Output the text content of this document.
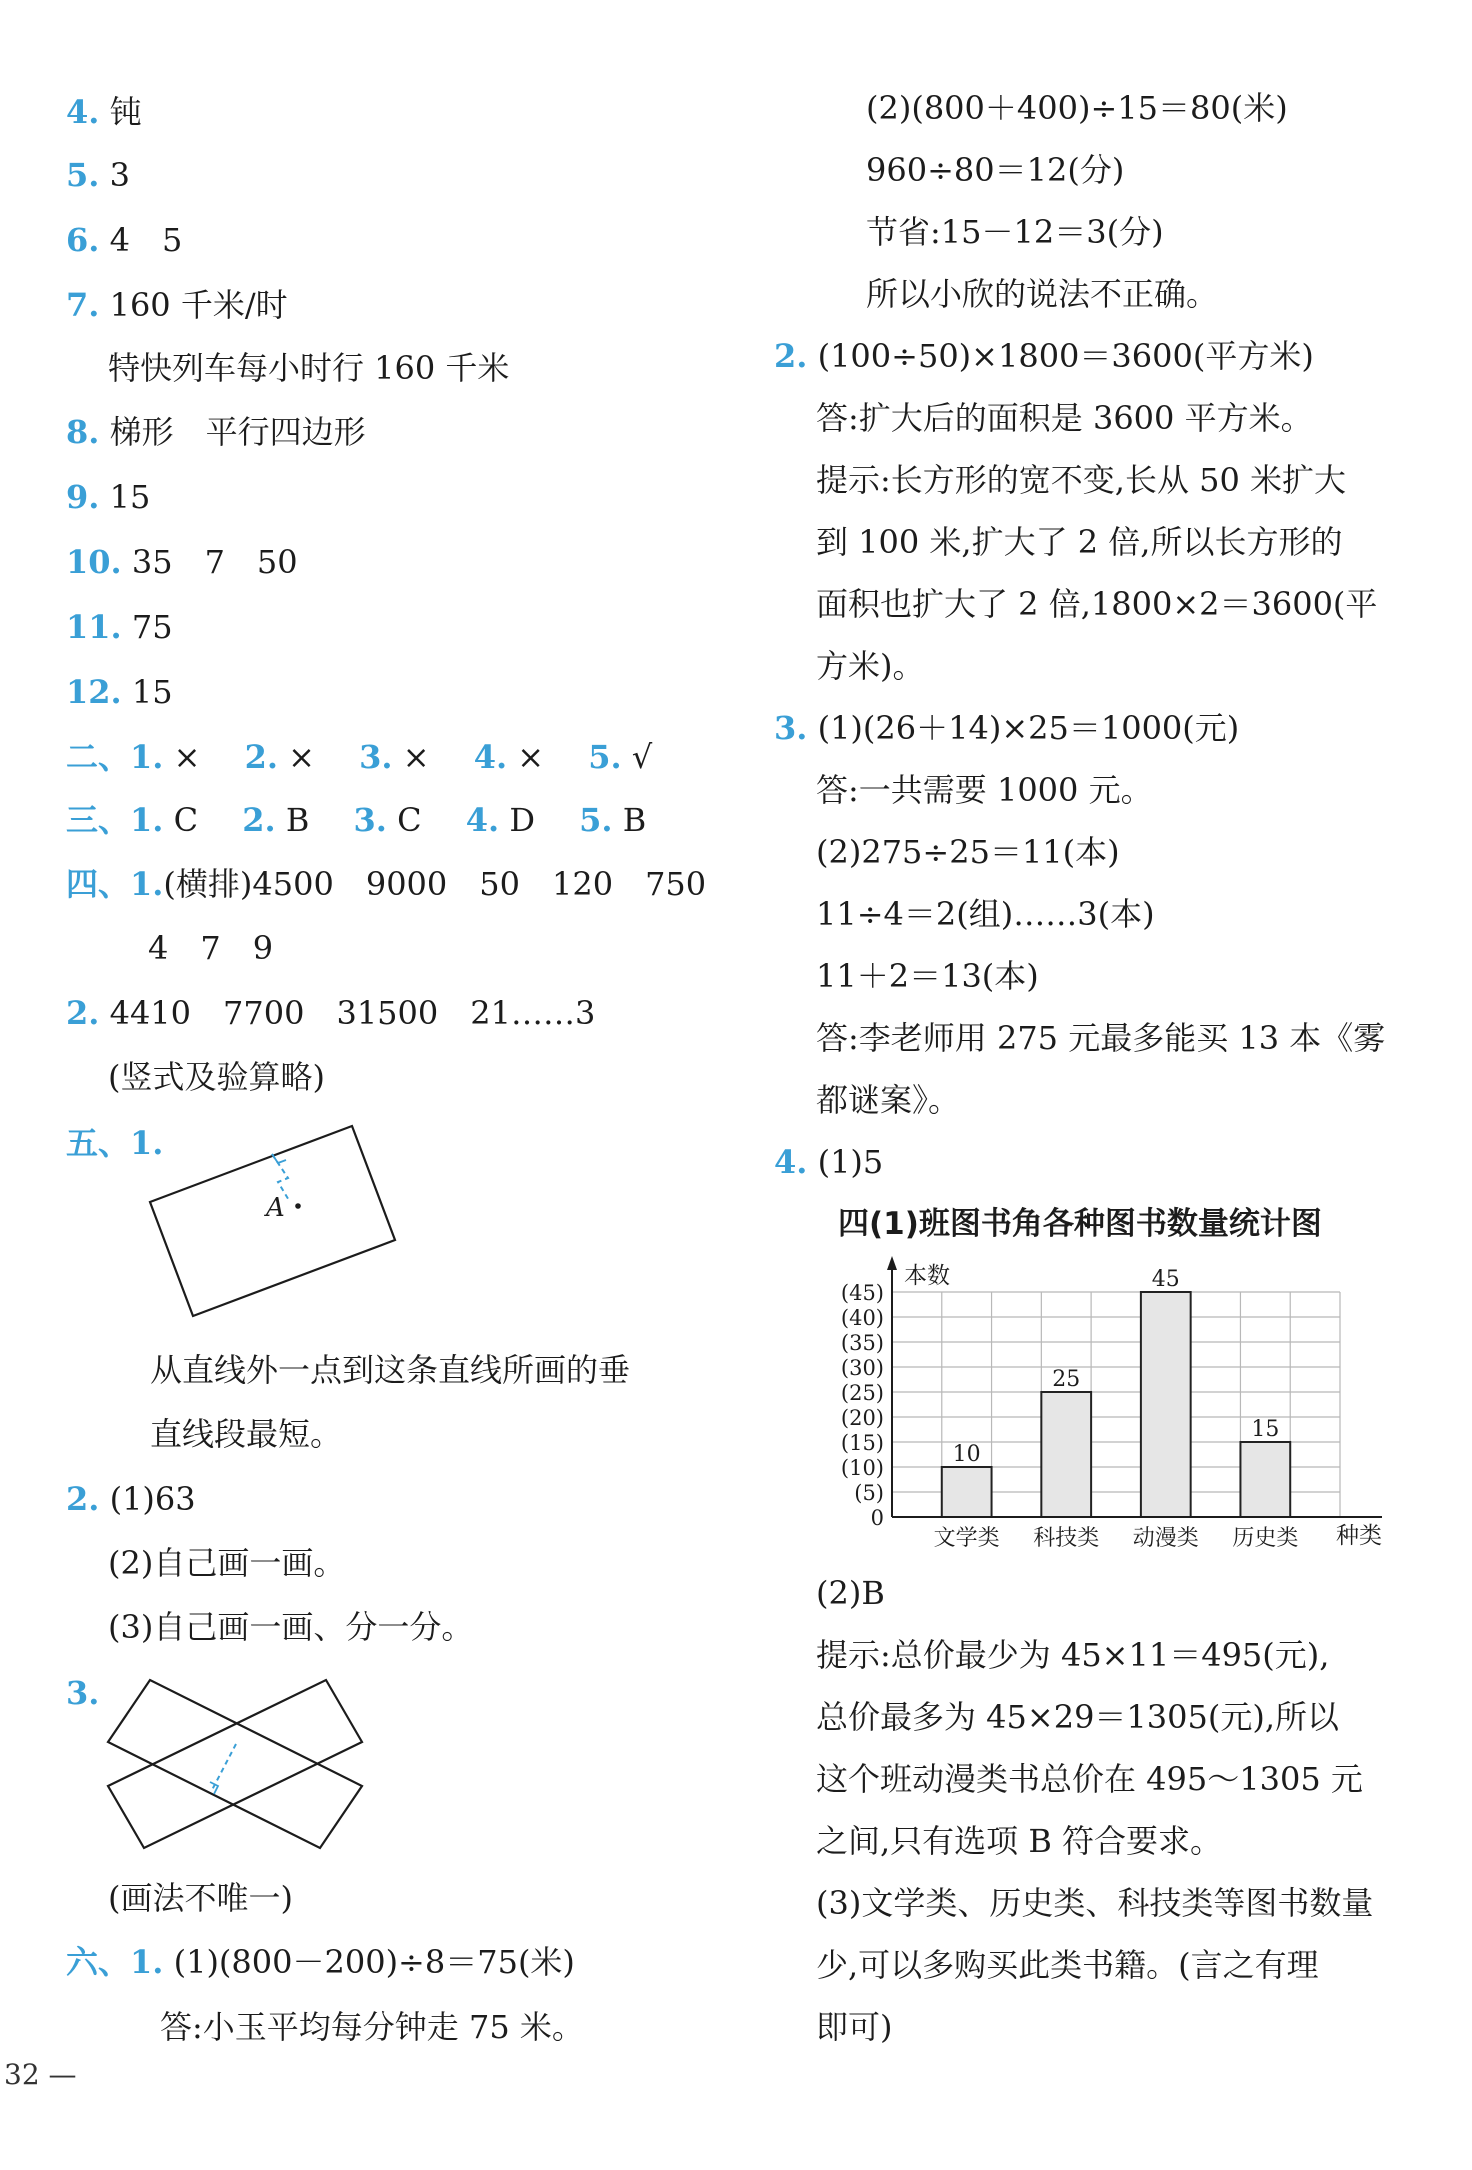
4. 钝
5. 3
6. 4　5
7. 160 千米/时
特快列车每小时行 160 千米
8. 梯形　平行四边形
9. 15
10. 35　7　50
11. 75
12. 15
二、1. × 2. × 3. × 4. × 5. √
三、1. C 2. B 3. C 4. D 5. B
四、1.(横排)4500　9000　50　120　750
4　7　9
2. 4410　7700　31500　21……3
(竖式及验算略)
五、1.
A
从直线外一点到这条直线所画的垂
直线段最短。
2. (1)63
(2)自己画一画。
(3)自己画一画、分一分。
3.
(画法不唯一)
六、1. (1)(800－200)÷8＝75(米)
答:小玉平均每分钟走 75 米。
(2)(800＋400)÷15＝80(米)
960÷80＝12(分)
节省:15－12＝3(分)
所以小欣的说法不正确。
2. (100÷50)×1800＝3600(平方米)
答:扩大后的面积是 3600 平方米。
提示:长方形的宽不变,长从 50 米扩大
到 100 米,扩大了 2 倍,所以长方形的
面积也扩大了 2 倍,1800×2＝3600(平
方米)。
3. (1)(26＋14)×25＝1000(元)
答:一共需要 1000 元。
(2)275÷25＝11(本)
11÷4＝2(组)……3(本)
11＋2＝13(本)
答:李老师用 275 元最多能买 13 本《雾
都谜案》。
4. (1)5
四(1)班图书角各种图书数量统计图
10
25
45
15
0
(5)
(10)
(15)
(20)
(25)
(30)
(35)
(40)
(45)
文学类 科技类 动漫类 历史类
本数
种类
(2)B
提示:总价最少为 45×11＝495(元),
总价最多为 45×29＝1305(元),所以
这个班动漫类书总价在 495～1305 元
之间,只有选项 B 符合要求。
(3)文学类、历史类、科技类等图书数量
少,可以多购买此类书籍。(言之有理
即可)
32 —
